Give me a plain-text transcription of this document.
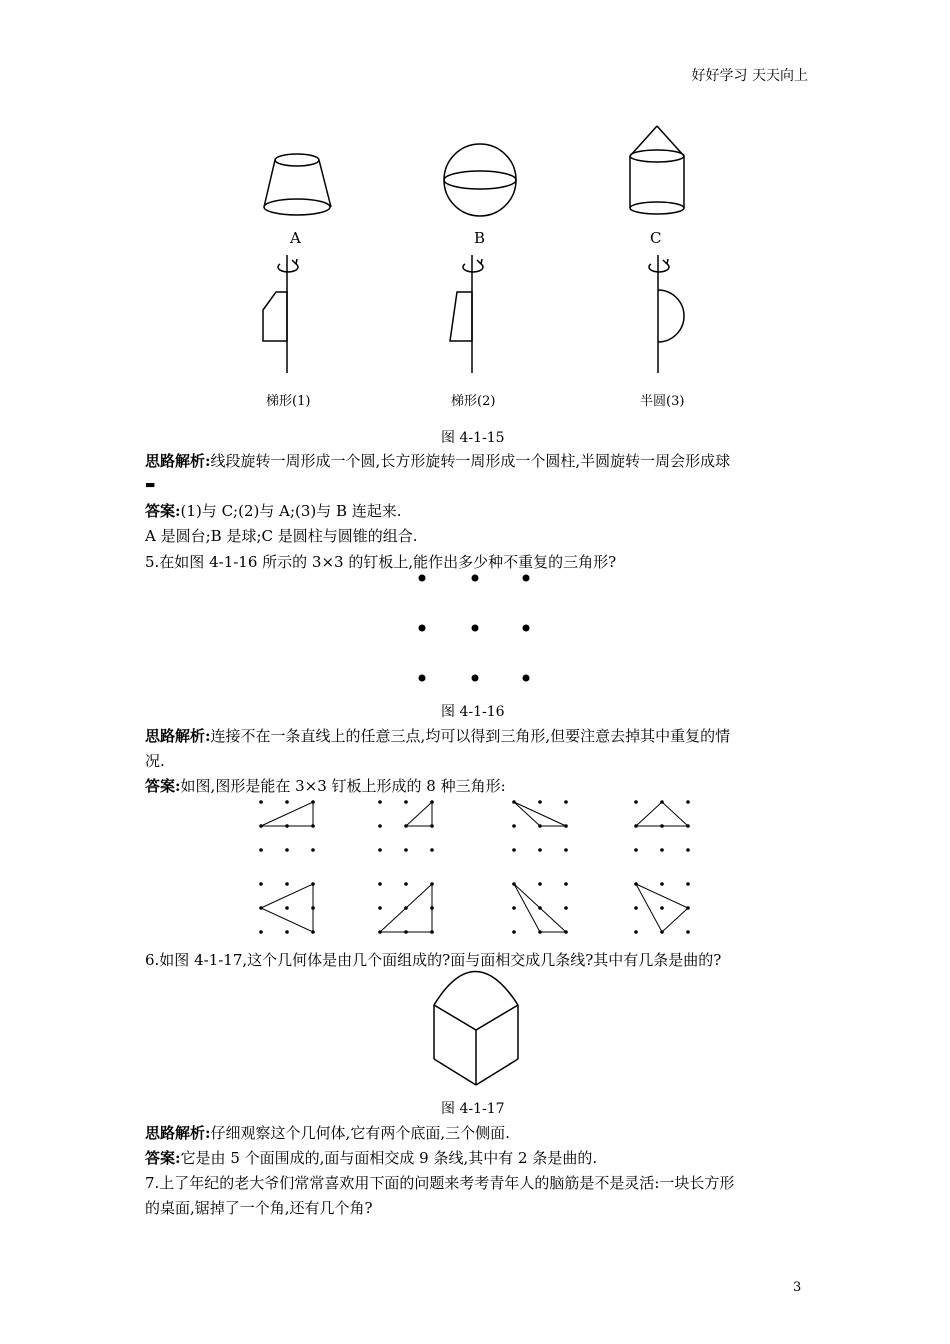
好好学习 天天向上
A	B	C
梯形(1)	梯形(2)	半圆(3)
图 4-1-15
思路解析:线段旋转一周形成一个圆,长方形旋转一周形成一个圆柱,半圆旋转一周会形成球
▬
答案:(1)与 C;(2)与 A;(3)与 B 连起来.
A 是圆台;B 是球;C 是圆柱与圆锥的组合.
5.在如图 4-1-16 所示的 3×3 的钉板上,能作出多少种不重复的三角形?
图 4-1-16
思路解析:连接不在一条直线上的任意三点,均可以得到三角形,但要注意去掉其中重复的情
况.
答案:如图,图形是能在 3×3 钉板上形成的 8 种三角形:
6.如图 4-1-17,这个几何体是由几个面组成的?面与面相交成几条线?其中有几条是曲的?
图 4-1-17
思路解析:仔细观察这个几何体,它有两个底面,三个侧面.
答案:它是由 5 个面围成的,面与面相交成 9 条线,其中有 2 条是曲的.
7.上了年纪的老大爷们常常喜欢用下面的问题来考考青年人的脑筋是不是灵活:一块长方形
的桌面,锯掉了一个角,还有几个角?
3
